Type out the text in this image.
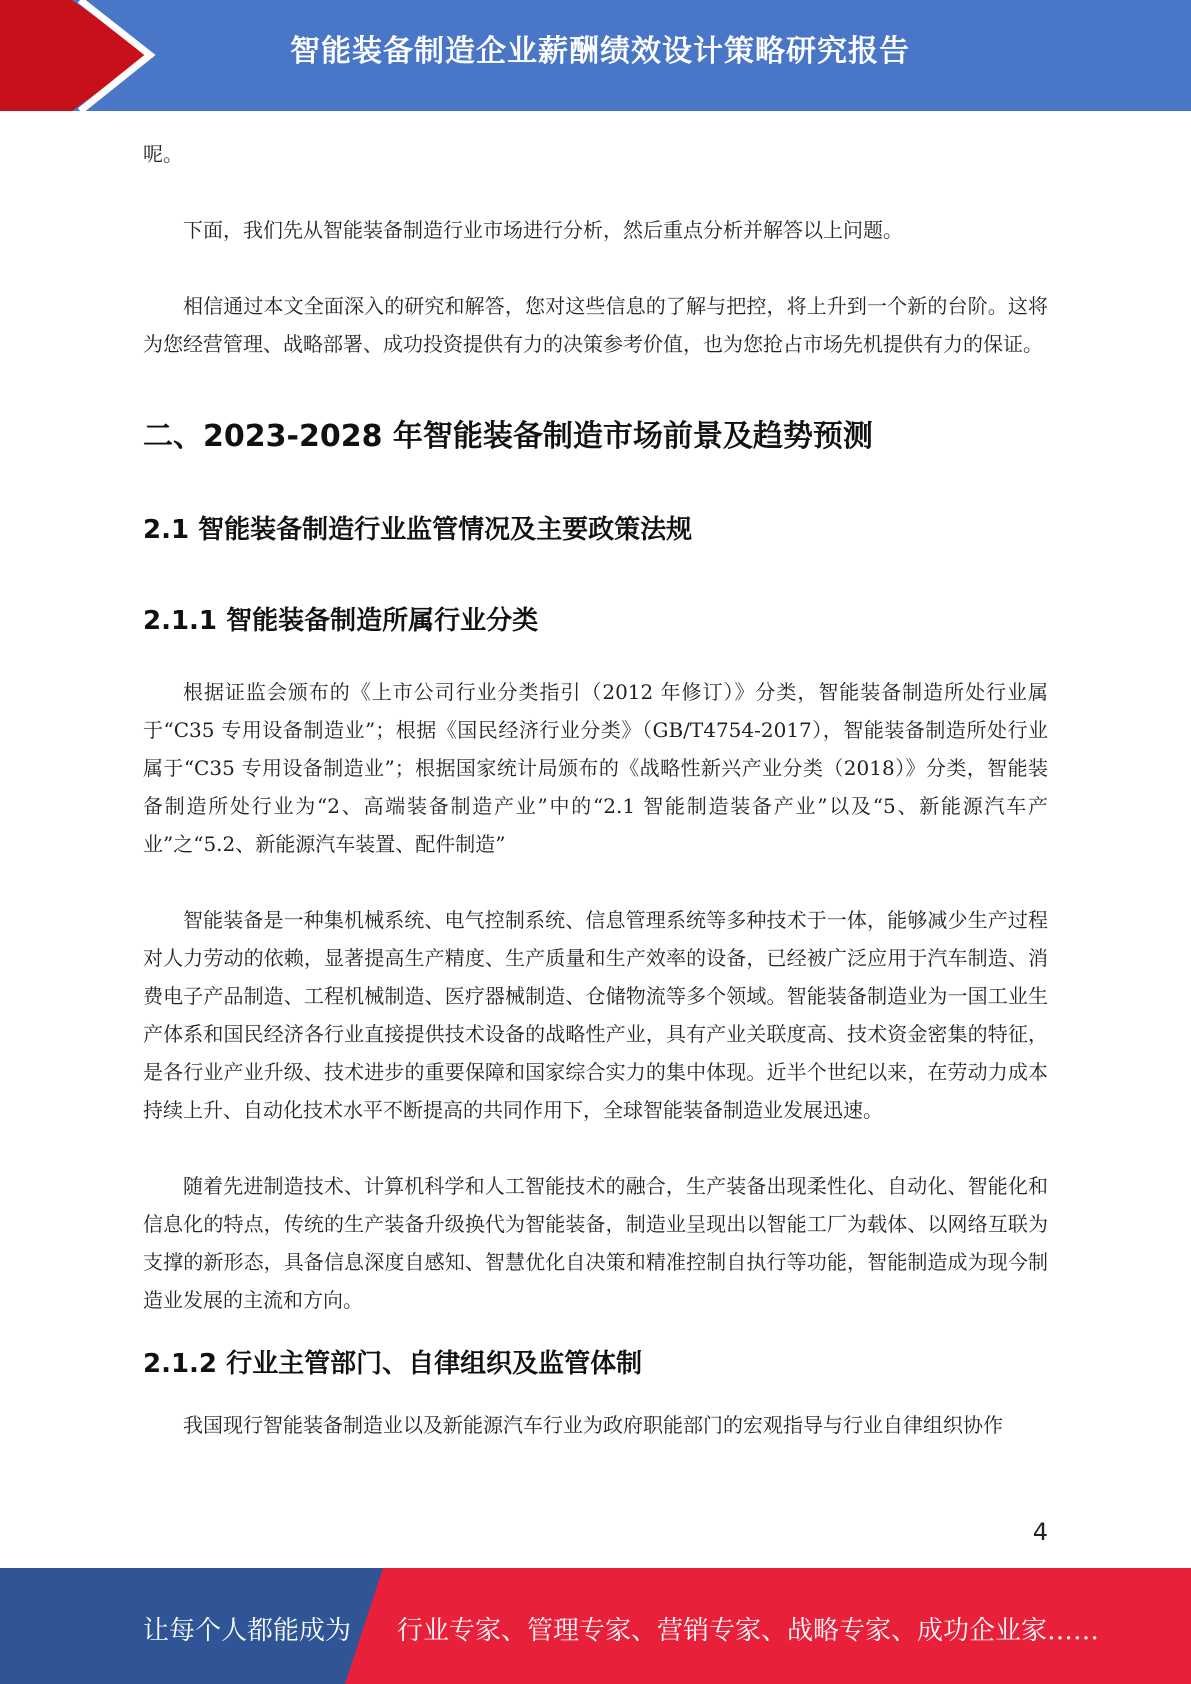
智能装备制造企业薪酬绩效设计策略研究报告

呢。

下面，我们先从智能装备制造行业市场进行分析，然后重点分析并解答以上问题。

相信通过本文全面深入的研究和解答，您对这些信息的了解与把控，将上升到一个新的台阶。这将为您经营管理、战略部署、成功投资提供有力的决策参考价值，也为您抢占市场先机提供有力的保证。

二、2023-2028 年智能装备制造市场前景及趋势预测
2.1 智能装备制造行业监管情况及主要政策法规
2.1.1 智能装备制造所属行业分类

根据证监会颁布的《上市公司行业分类指引（2012 年修订）》分类，智能装备制造所处行业属于“C35 专用设备制造业”；根据《国民经济行业分类》（GB/T4754-2017），智能装备制造所处行业属于“C35 专用设备制造业”；根据国家统计局颁布的《战略性新兴产业分类（2018）》分类，智能装备制造所处行业为“2、高端装备制造产业”中的“2.1 智能制造装备产业”以及“5、新能源汽车产业”之“5.2、新能源汽车装置、配件制造”

智能装备是一种集机械系统、电气控制系统、信息管理系统等多种技术于一体，能够减少生产过程对人力劳动的依赖，显著提高生产精度、生产质量和生产效率的设备，已经被广泛应用于汽车制造、消费电子产品制造、工程机械制造、医疗器械制造、仓储物流等多个领域。智能装备制造业为一国工业生产体系和国民经济各行业直接提供技术设备的战略性产业，具有产业关联度高、技术资金密集的特征，是各行业产业升级、技术进步的重要保障和国家综合实力的集中体现。近半个世纪以来，在劳动力成本持续上升、自动化技术水平不断提高的共同作用下，全球智能装备制造业发展迅速。

随着先进制造技术、计算机科学和人工智能技术的融合，生产装备出现柔性化、自动化、智能化和信息化的特点，传统的生产装备升级换代为智能装备，制造业呈现出以智能工厂为载体、以网络互联为支撑的新形态，具备信息深度自感知、智慧优化自决策和精准控制自执行等功能，智能制造成为现今制造业发展的主流和方向。

2.1.2 行业主管部门、自律组织及监管体制

我国现行智能装备制造业以及新能源汽车行业为政府职能部门的宏观指导与行业自律组织协作

4
让每个人都能成为 行业专家、管理专家、营销专家、战略专家、成功企业家……
